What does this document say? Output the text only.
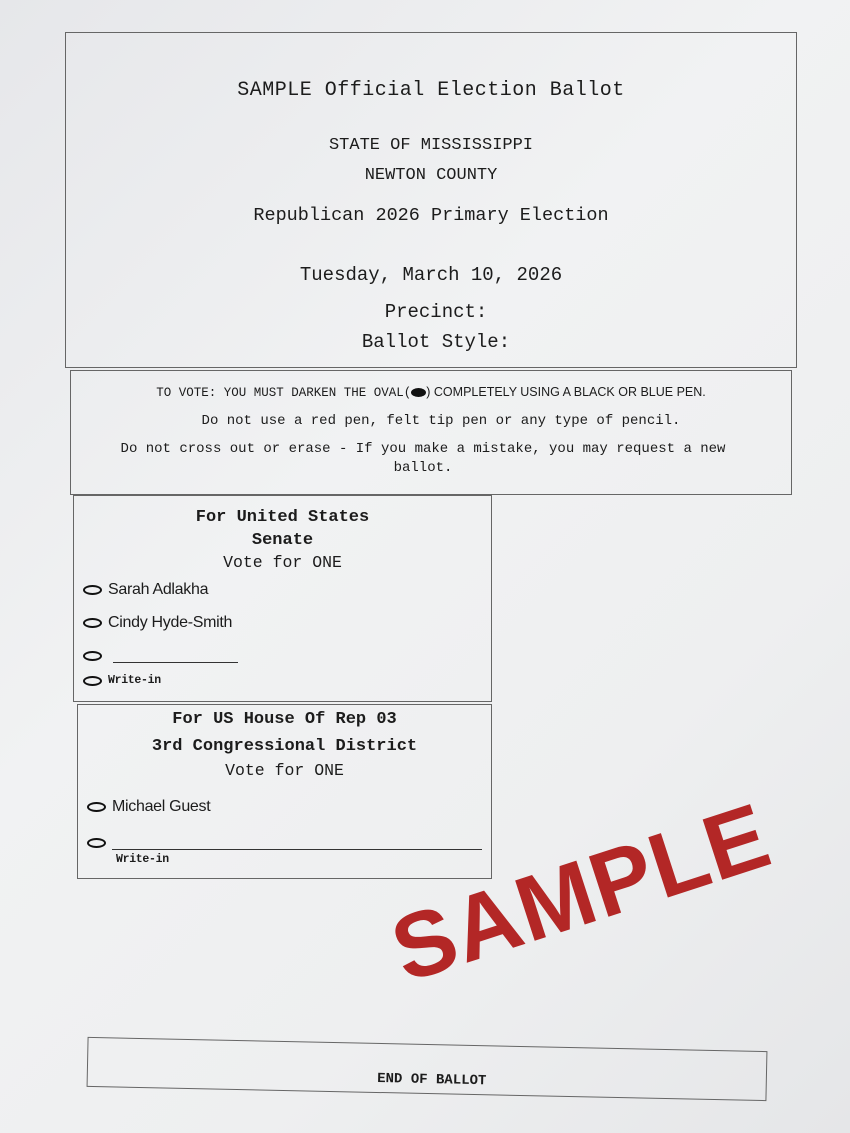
SAMPLE Official Election Ballot
STATE OF MISSISSIPPI
NEWTON COUNTY
Republican 2026 Primary Election
Tuesday, March 10, 2026
Precinct:
Ballot Style:
TO VOTE: YOU MUST DARKEN THE OVAL( ) COMPLETELY USING A BLACK OR BLUE PEN.
Do not use a red pen, felt tip pen or any type of pencil.
Do not cross out or erase - If you make a mistake, you may request a new ballot.
For United States
Senate
Vote for ONE
Sarah Adlakha
Cindy Hyde-Smith
Write-in
For US House Of Rep 03
3rd Congressional District
Vote for ONE
Michael Guest
Write-in SAMPLE
END OF BALLOT
